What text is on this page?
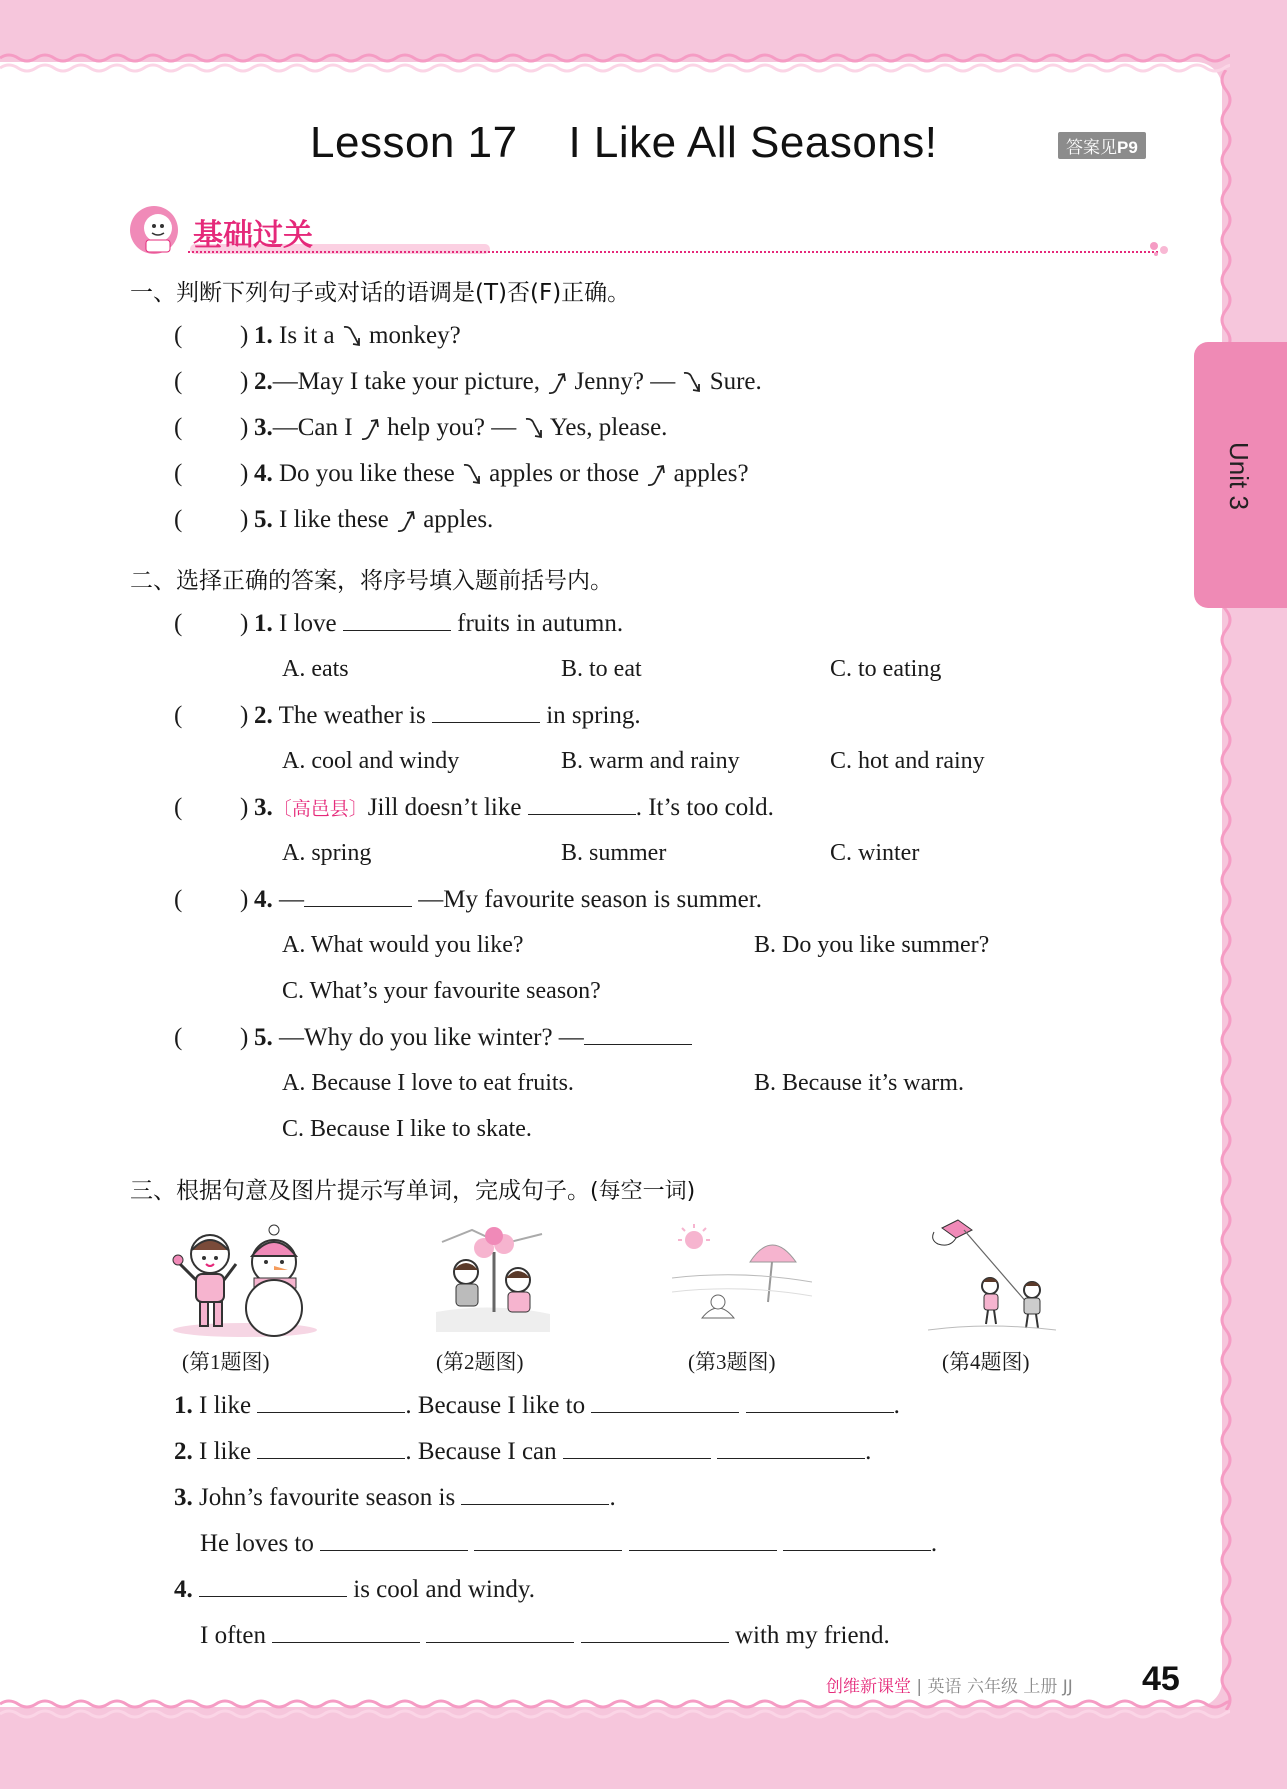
Lesson 17    I Like All Seasons!	答案见P9
Unit 3
基础过关
一、判断下列句子或对话的语调是(T)否(F)正确。
( ) 1. Is it a monkey?
( ) 2.—May I take your picture, Jenny? — Sure.
( ) 3.—Can I help you? — Yes, please.
( ) 4. Do you like these apples or those apples?
( ) 5. I like these apples.
二、选择正确的答案，将序号填入题前括号内。
( ) 1. I love	fruits in autumn.
A. eats	B. to eat	C. to eating
( ) 2. The weather is	in spring.
A. cool and windy	B. warm and rainy	C. hot and rainy
( ) 3.〔高邑县〕Jill doesn’t like	. It’s too cold.
A. spring	B. summer	C. winter
( ) 4. —	—My favourite season is summer.
A. What would you like?	B. Do you like summer?
C. What’s your favourite season?
( ) 5. —Why do you like winter? —
A. Because I love to eat fruits.	B. Because it’s warm.
C. Because I like to skate.
三、根据句意及图片提示写单词，完成句子。(每空一词)
(第1题图)	(第2题图)	(第3题图)	(第4题图)
1. I like	. Because I like to	.
2. I like	. Because I can	.
3. John’s favourite season is	.
He loves to	.
4.	is cool and windy.
I often	with my friend.
创维新课堂 | 英语 六年级 上册 JJ 45
